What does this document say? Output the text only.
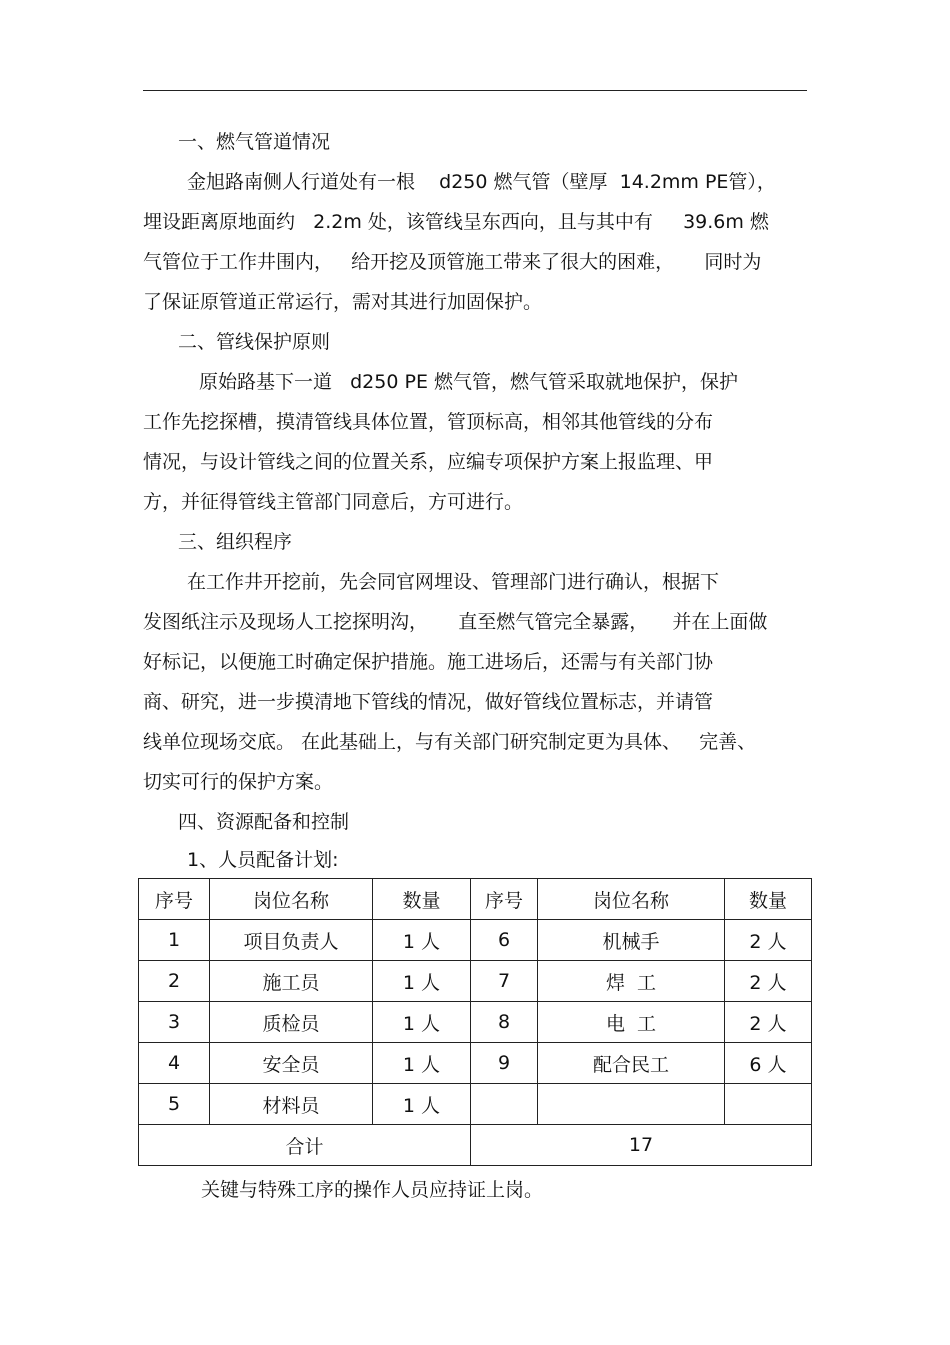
一、燃气管道情况
金旭路南侧人行道处有一根    d250 燃气管（壁厚  14.2mm PE管），
埋设距离原地面约   2.2m 处，该管线呈东西向，且与其中有     39.6m 燃
气管位于工作井围内，   给开挖及顶管施工带来了很大的困难，     同时为
了保证原管道正常运行，需对其进行加固保护。
二、管线保护原则
原始路基下一道   d250 PE 燃气管，燃气管采取就地保护，保护
工作先挖探槽，摸清管线具体位置，管顶标高，相邻其他管线的分布
情况，与设计管线之间的位置关系，应编专项保护方案上报监理、甲
方，并征得管线主管部门同意后，方可进行。
三、组织程序
在工作井开挖前，先会同官网埋设、管理部门进行确认，根据下
发图纸注示及现场人工挖探明沟，     直至燃气管完全暴露，    并在上面做
好标记，以便施工时确定保护措施。施工进场后，还需与有关部门协
商、研究，进一步摸清地下管线的情况，做好管线位置标志，并请管
线单位现场交底。 在此基础上，与有关部门研究制定更为具体、   完善、
切实可行的保护方案。
四、资源配备和控制
1、人员配备计划:
序号	岗位名称	数量	序号	岗位名称	数量
1	项目负责人	1 人	6	机械手	2 人
2	施工员	1 人	7	焊  工	2 人
3	质检员	1 人	8	电  工	2 人
4	安全员	1 人	9	配合民工	6 人
5	材料员	1 人			
合计			17		
关键与特殊工序的操作人员应持证上岗。
